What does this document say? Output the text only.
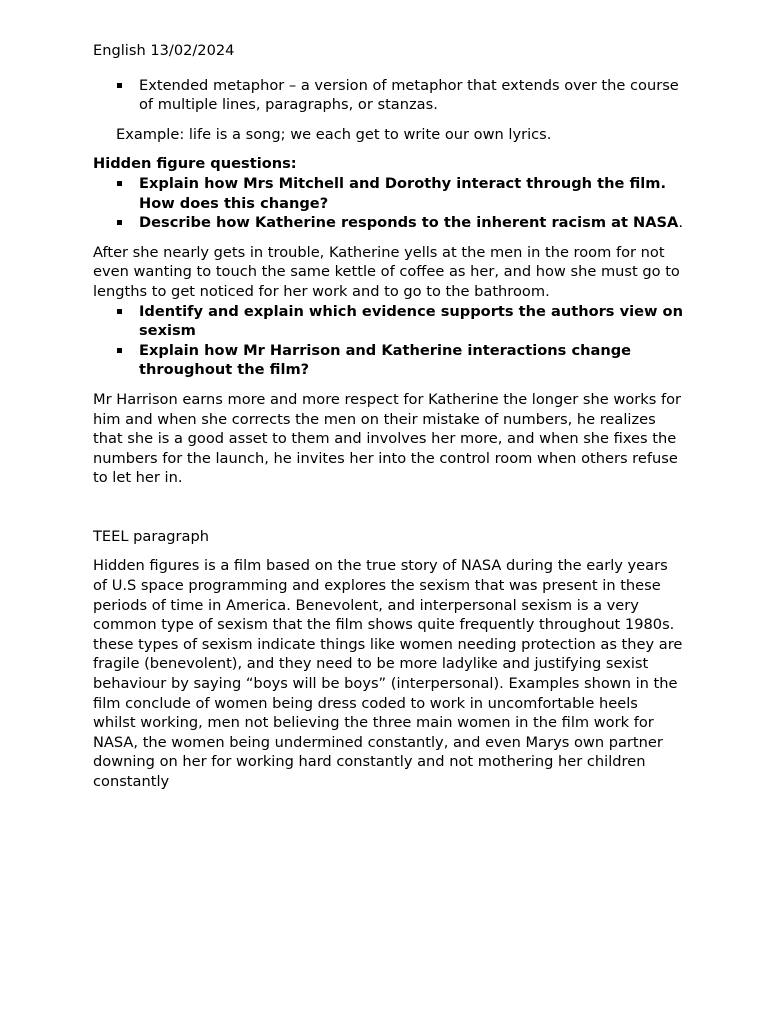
English 13/02/2024

Extended metaphor – a version of metaphor that extends over the course of multiple lines, paragraphs, or stanzas.

Example: life is a song; we each get to write our own lyrics.

Hidden figure questions:

Explain how Mrs Mitchell and Dorothy interact through the film. How does this change?
Describe how Katherine responds to the inherent racism at NASA.

After she nearly gets in trouble, Katherine yells at the men in the room for not even wanting to touch the same kettle of coffee as her, and how she must go to lengths to get noticed for her work and to go to the bathroom.

Identify and explain which evidence supports the authors view on sexism
Explain how Mr Harrison and Katherine interactions change throughout the film?

Mr Harrison earns more and more respect for Katherine the longer she works for him and when she corrects the men on their mistake of numbers, he realizes that she is a good asset to them and involves her more, and when she fixes the numbers for the launch, he invites her into the control room when others refuse to let her in.

TEEL paragraph

Hidden figures is a film based on the true story of NASA during the early years of U.S space programming and explores the sexism that was present in these periods of time in America. Benevolent, and interpersonal sexism is a very common type of sexism that the film shows quite frequently throughout 1980s. these types of sexism indicate things like women needing protection as they are fragile (benevolent), and they need to be more ladylike and justifying sexist behaviour by saying “boys will be boys” (interpersonal). Examples shown in the film conclude of women being dress coded to work in uncomfortable heels whilst working, men not believing the three main women in the film work for NASA, the women being undermined constantly, and even Marys own partner downing on her for working hard constantly and not mothering her children constantly
